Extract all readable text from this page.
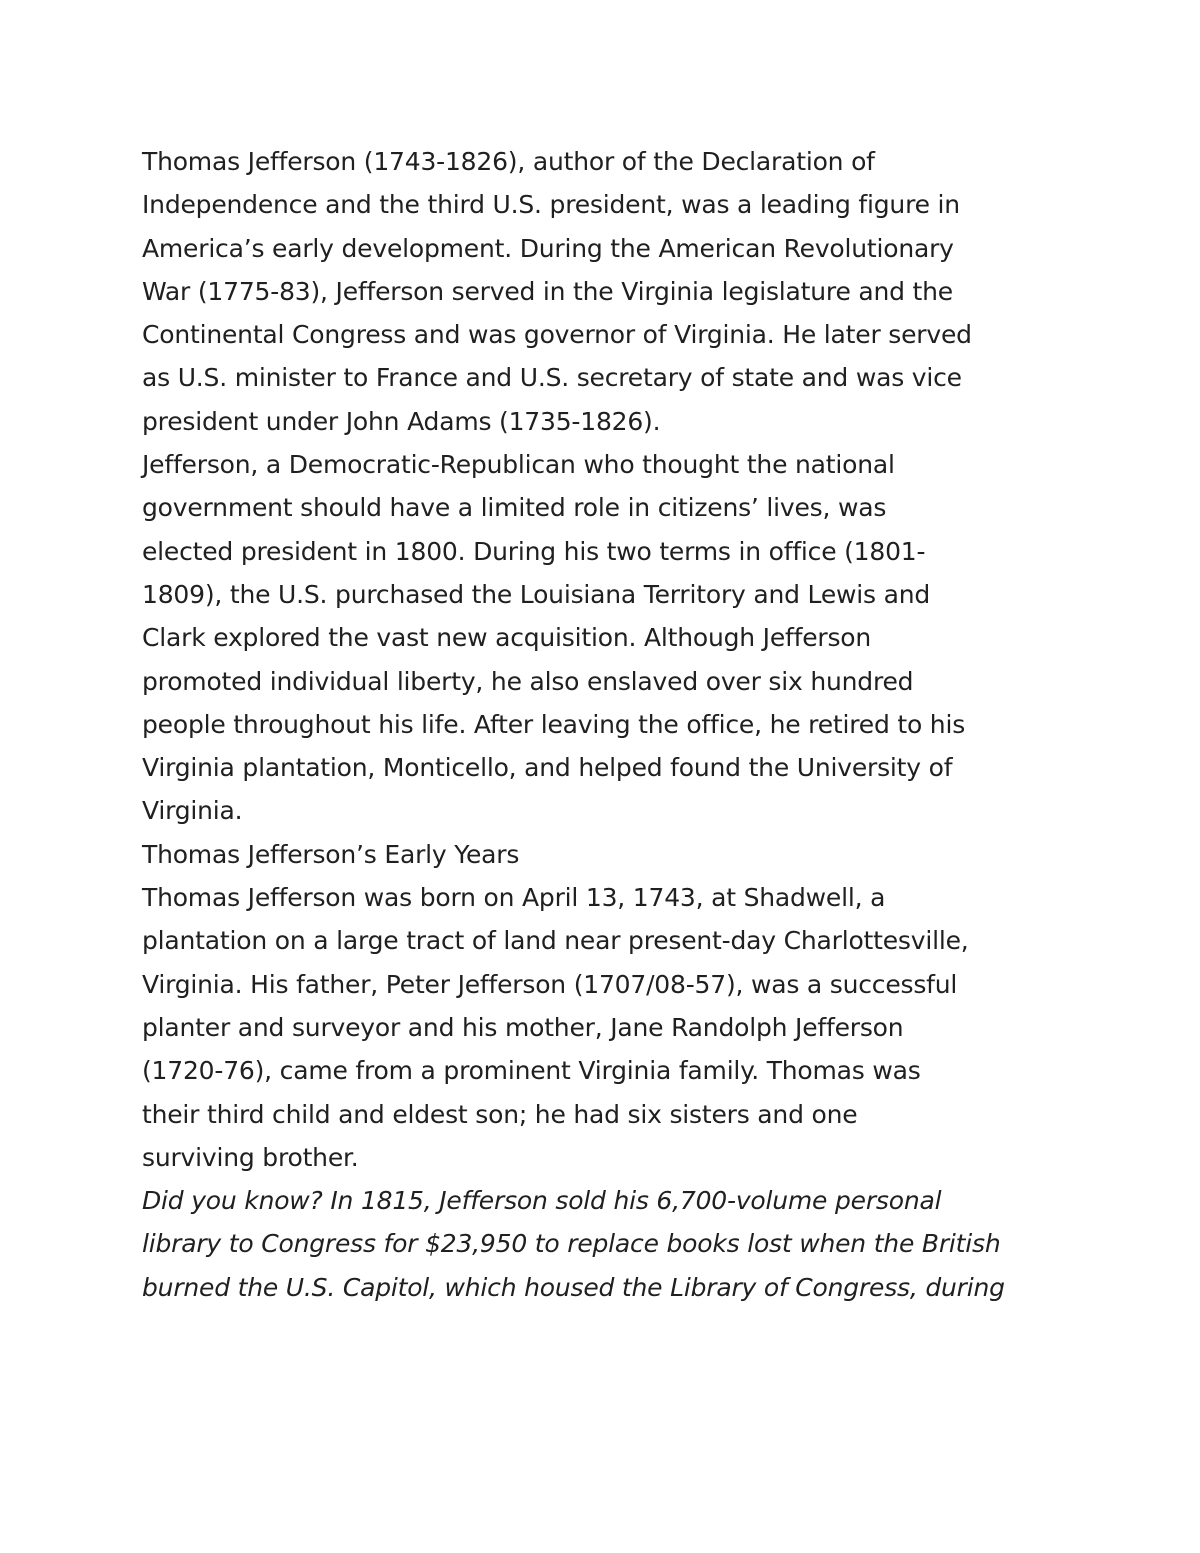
Thomas Jefferson (1743-1826), author of the Declaration of
Independence and the third U.S. president, was a leading figure in
America’s early development. During the American Revolutionary
War (1775-83), Jefferson served in the Virginia legislature and the
Continental Congress and was governor of Virginia. He later served
as U.S. minister to France and U.S. secretary of state and was vice
president under John Adams (1735-1826).

Jefferson, a Democratic-Republican who thought the national
government should have a limited role in citizens’ lives, was
elected president in 1800. During his two terms in office (1801-
1809), the U.S. purchased the Louisiana Territory and Lewis and
Clark explored the vast new acquisition. Although Jefferson
promoted individual liberty, he also enslaved over six hundred
people throughout his life. After leaving the office, he retired to his
Virginia plantation, Monticello, and helped found the University of
Virginia.

Thomas Jefferson’s Early Years

Thomas Jefferson was born on April 13, 1743, at Shadwell, a
plantation on a large tract of land near present-day Charlottesville,
Virginia. His father, Peter Jefferson (1707/08-57), was a successful
planter and surveyor and his mother, Jane Randolph Jefferson
(1720-76), came from a prominent Virginia family. Thomas was
their third child and eldest son; he had six sisters and one
surviving brother.

Did you know? In 1815, Jefferson sold his 6,700-volume personal
library to Congress for $23,950 to replace books lost when the British
burned the U.S. Capitol, which housed the Library of Congress, during
